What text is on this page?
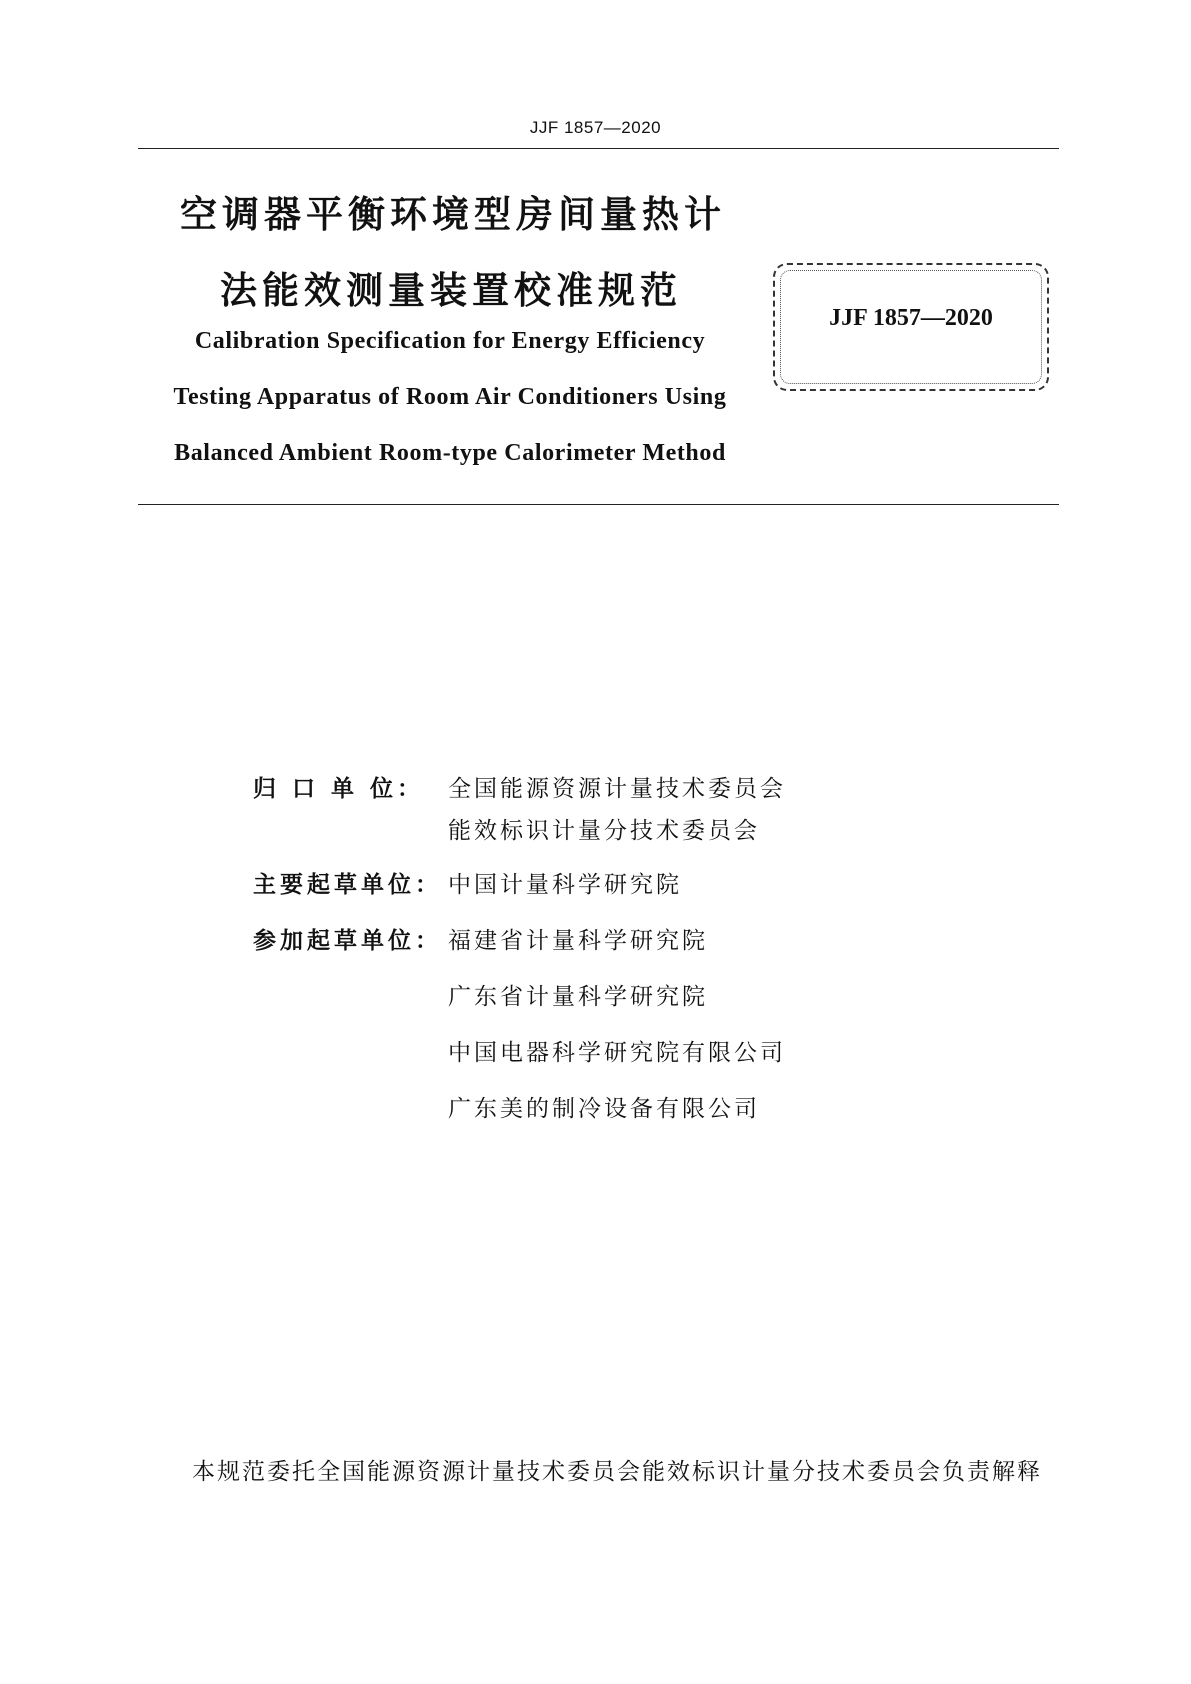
JJF 1857—2020
空调器平衡环境型房间量热计
法能效测量装置校准规范
Calibration Specification for Energy Efficiency
Testing Apparatus of Room Air Conditioners Using
Balanced Ambient Room-type Calorimeter Method
JJF 1857—2020
归 口 单 位： 全国能源资源计量技术委员会
能效标识计量分技术委员会
主要起草单位： 中国计量科学研究院
参加起草单位： 福建省计量科学研究院
广东省计量科学研究院
中国电器科学研究院有限公司
广东美的制冷设备有限公司
本规范委托全国能源资源计量技术委员会能效标识计量分技术委员会负责解释
